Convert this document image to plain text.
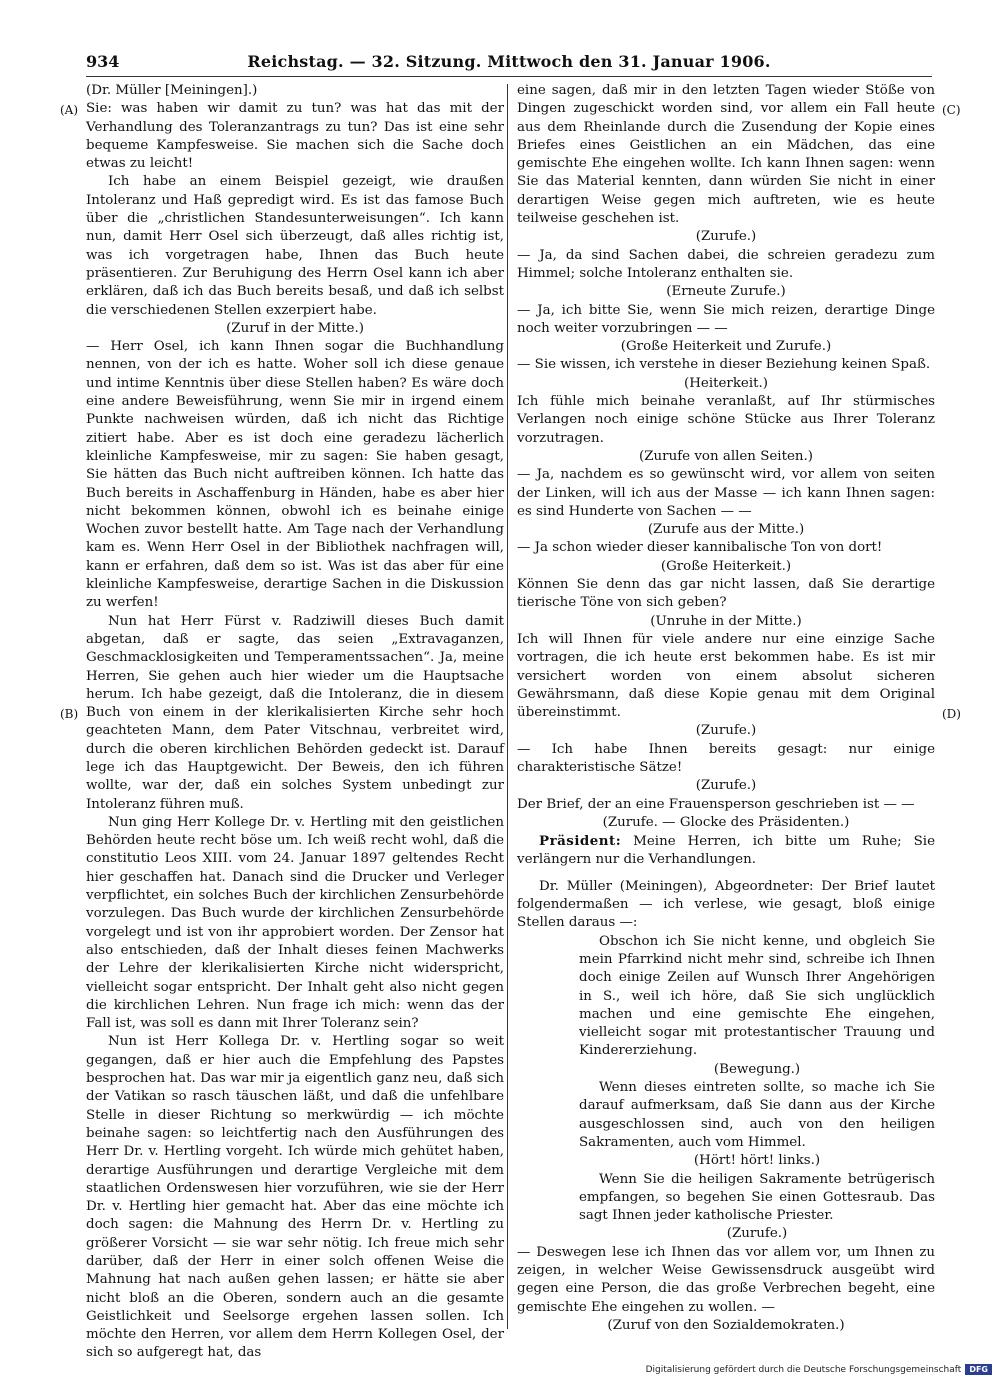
934	Reichstag. — 32. Sitzung. Mittwoch den 31. Januar 1906.
(A)
(B)
(C)
(D)

(Dr. Müller [Meiningen].)

Sie: was haben wir damit zu tun? was hat das mit der Verhandlung des Toleranzantrags zu tun? Das ist eine sehr bequeme Kampfesweise. Sie machen sich die Sache doch etwas zu leicht!

Ich habe an einem Beispiel gezeigt, wie draußen Intoleranz und Haß gepredigt wird. Es ist das famose Buch über die „christlichen Standesunterweisungen“. Ich kann nun, damit Herr Osel sich überzeugt, daß alles richtig ist, was ich vorgetragen habe, Ihnen das Buch heute präsentieren. Zur Beruhigung des Herrn Osel kann ich aber erklären, daß ich das Buch bereits besaß, und daß ich selbst die verschiedenen Stellen exzerpiert habe.

(Zuruf in der Mitte.)

— Herr Osel, ich kann Ihnen sogar die Buchhandlung nennen, von der ich es hatte. Woher soll ich diese genaue und intime Kenntnis über diese Stellen haben? Es wäre doch eine andere Beweisführung, wenn Sie mir in irgend einem Punkte nachweisen würden, daß ich nicht das Richtige zitiert habe. Aber es ist doch eine geradezu lächerlich kleinliche Kampfesweise, mir zu sagen: Sie haben gesagt, Sie hätten das Buch nicht auftreiben können. Ich hatte das Buch bereits in Aschaffenburg in Händen, habe es aber hier nicht bekommen können, obwohl ich es beinahe einige Wochen zuvor bestellt hatte. Am Tage nach der Verhandlung kam es. Wenn Herr Osel in der Bibliothek nachfragen will, kann er erfahren, daß dem so ist. Was ist das aber für eine kleinliche Kampfesweise, derartige Sachen in die Diskussion zu werfen!

Nun hat Herr Fürst v. Radziwill dieses Buch damit abgetan, daß er sagte, das seien „Extravaganzen, Geschmacklosigkeiten und Temperamentssachen“. Ja, meine Herren, Sie gehen auch hier wieder um die Hauptsache herum. Ich habe gezeigt, daß die Intoleranz, die in diesem Buch von einem in der klerikalisierten Kirche sehr hoch geachteten Mann, dem Pater Vitschnau, verbreitet wird, durch die oberen kirchlichen Behörden gedeckt ist. Darauf lege ich das Hauptgewicht. Der Beweis, den ich führen wollte, war der, daß ein solches System unbedingt zur Intoleranz führen muß.

Nun ging Herr Kollege Dr. v. Hertling mit den geistlichen Behörden heute recht böse um. Ich weiß recht wohl, daß die constitutio Leos XIII. vom 24. Januar 1897 geltendes Recht hier geschaffen hat. Danach sind die Drucker und Verleger verpflichtet, ein solches Buch der kirchlichen Zensurbehörde vorzulegen. Das Buch wurde der kirchlichen Zensurbehörde vorgelegt und ist von ihr approbiert worden. Der Zensor hat also entschieden, daß der Inhalt dieses feinen Machwerks der Lehre der klerikalisierten Kirche nicht widerspricht, vielleicht sogar entspricht. Der Inhalt geht also nicht gegen die kirchlichen Lehren. Nun frage ich mich: wenn das der Fall ist, was soll es dann mit Ihrer Toleranz sein?

Nun ist Herr Kollega Dr. v. Hertling sogar so weit gegangen, daß er hier auch die Empfehlung des Papstes besprochen hat. Das war mir ja eigentlich ganz neu, daß sich der Vatikan so rasch täuschen läßt, und daß die unfehlbare Stelle in dieser Richtung so merkwürdig — ich möchte beinahe sagen: so leichtfertig nach den Ausführungen des Herr Dr. v. Hertling vorgeht. Ich würde mich gehütet haben, derartige Ausführungen und derartige Vergleiche mit dem staatlichen Ordenswesen hier vorzuführen, wie sie der Herr Dr. v. Hertling hier gemacht hat. Aber das eine möchte ich doch sagen: die Mahnung des Herrn Dr. v. Hertling zu größerer Vorsicht — sie war sehr nötig. Ich freue mich sehr darüber, daß der Herr in einer solch offenen Weise die Mahnung hat nach außen gehen lassen; er hätte sie aber nicht bloß an die Oberen, sondern auch an die gesamte Geistlichkeit und Seelsorge ergehen lassen sollen. Ich möchte den Herren, vor allem dem Herrn Kollegen Osel, der sich so aufgeregt hat, das

eine sagen, daß mir in den letzten Tagen wieder Stöße von Dingen zugeschickt worden sind, vor allem ein Fall heute aus dem Rheinlande durch die Zusendung der Kopie eines Briefes eines Geistlichen an ein Mädchen, das eine gemischte Ehe eingehen wollte. Ich kann Ihnen sagen: wenn Sie das Material kennten, dann würden Sie nicht in einer derartigen Weise gegen mich auftreten, wie es heute teilweise geschehen ist.

(Zurufe.)

— Ja, da sind Sachen dabei, die schreien geradezu zum Himmel; solche Intoleranz enthalten sie.

(Erneute Zurufe.)

— Ja, ich bitte Sie, wenn Sie mich reizen, derartige Dinge noch weiter vorzubringen — —

(Große Heiterkeit und Zurufe.)

— Sie wissen, ich verstehe in dieser Beziehung keinen Spaß.

(Heiterkeit.)

Ich fühle mich beinahe veranlaßt, auf Ihr stürmisches Verlangen noch einige schöne Stücke aus Ihrer Toleranz vorzutragen.

(Zurufe von allen Seiten.)

— Ja, nachdem es so gewünscht wird, vor allem von seiten der Linken, will ich aus der Masse — ich kann Ihnen sagen: es sind Hunderte von Sachen — —

(Zurufe aus der Mitte.)

— Ja schon wieder dieser kannibalische Ton von dort!

(Große Heiterkeit.)

Können Sie denn das gar nicht lassen, daß Sie derartige tierische Töne von sich geben?

(Unruhe in der Mitte.)

Ich will Ihnen für viele andere nur eine einzige Sache vortragen, die ich heute erst bekommen habe. Es ist mir versichert worden von einem absolut sicheren Gewährsmann, daß diese Kopie genau mit dem Original übereinstimmt.

(Zurufe.)

— Ich habe Ihnen bereits gesagt: nur einige charakteristische Sätze!

(Zurufe.)

Der Brief, der an eine Frauensperson geschrieben ist — —

(Zurufe. — Glocke des Präsidenten.)

Präsident: Meine Herren, ich bitte um Ruhe; Sie verlängern nur die Verhandlungen.

Dr. Müller (Meiningen), Abgeordneter: Der Brief lautet folgendermaßen — ich verlese, wie gesagt, bloß einige Stellen daraus —:

Obschon ich Sie nicht kenne, und obgleich Sie mein Pfarrkind nicht mehr sind, schreibe ich Ihnen doch einige Zeilen auf Wunsch Ihrer Angehörigen in S., weil ich höre, daß Sie sich unglücklich machen und eine gemischte Ehe eingehen, vielleicht sogar mit protestantischer Trauung und Kindererziehung.

(Bewegung.)

Wenn dieses eintreten sollte, so mache ich Sie darauf aufmerksam, daß Sie dann aus der Kirche ausgeschlossen sind, auch von den heiligen Sakramenten, auch vom Himmel.

(Hört! hört! links.)

Wenn Sie die heiligen Sakramente betrügerisch empfangen, so begehen Sie einen Gottesraub. Das sagt Ihnen jeder katholische Priester.

(Zurufe.)

— Deswegen lese ich Ihnen das vor allem vor, um Ihnen zu zeigen, in welcher Weise Gewissensdruck ausgeübt wird gegen eine Person, die das große Verbrechen begeht, eine gemischte Ehe eingehen zu wollen. —

(Zuruf von den Sozialdemokraten.)

Digitalisierung gefördert durch die Deutsche Forschungsgemeinschaft	DFG
